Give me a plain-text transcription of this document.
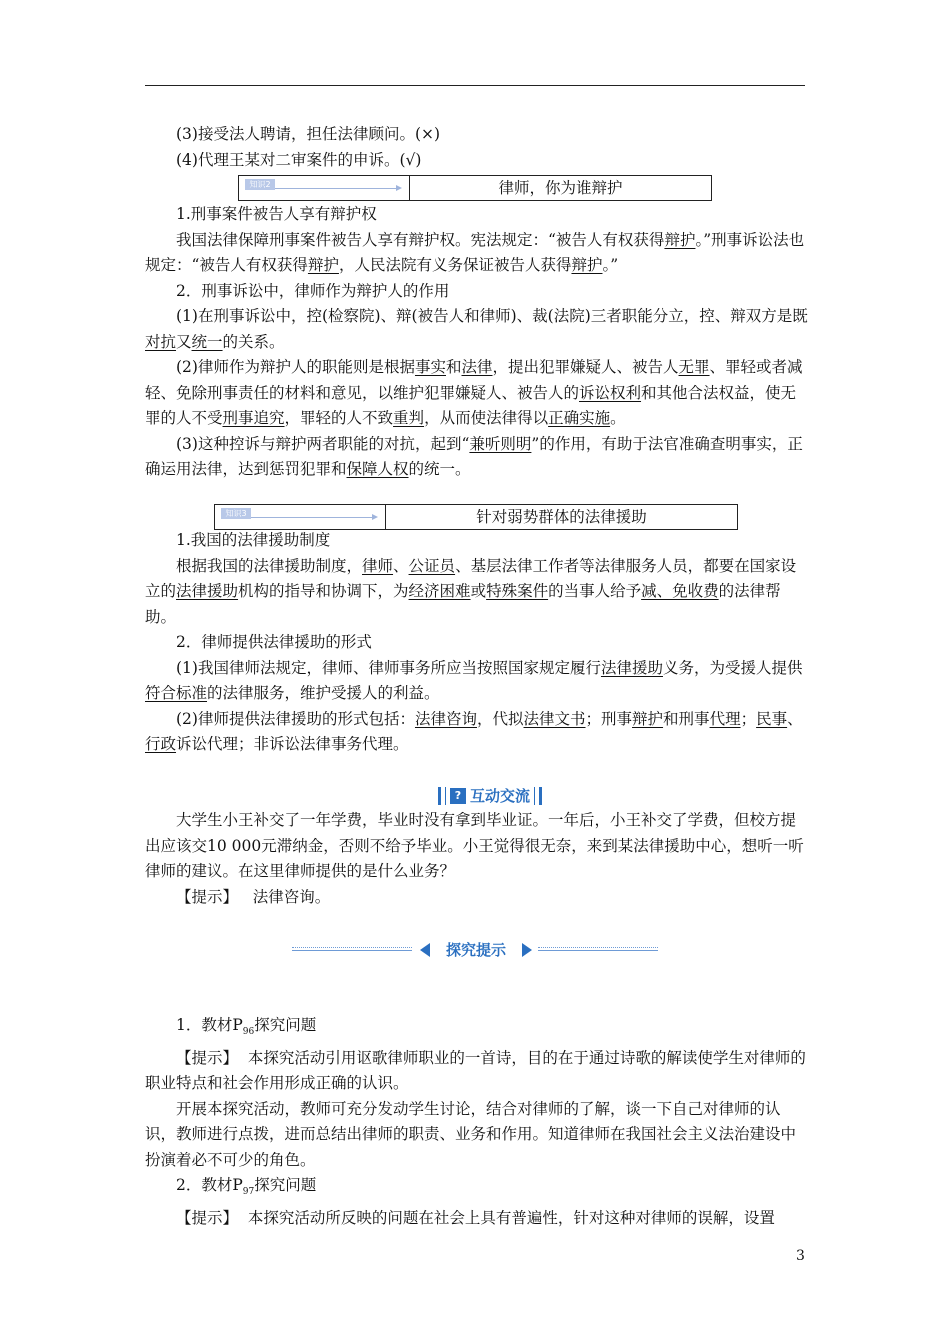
(3)接受法人聘请，担任法律顾问。(×)

(4)代理王某对二审案件的申诉。(√)

知识2	律师，你为谁辩护

1.刑事案件被告人享有辩护权

我国法律保障刑事案件被告人享有辩护权。宪法规定：“被告人有权获得辩护。”刑事诉讼法也规定：“被告人有权获得辩护，人民法院有义务保证被告人获得辩护。”

2．刑事诉讼中，律师作为辩护人的作用

(1)在刑事诉讼中，控(检察院)、辩(被告人和律师)、裁(法院)三者职能分立，控、辩双方是既对抗又统一的关系。

(2)律师作为辩护人的职能则是根据事实和法律，提出犯罪嫌疑人、被告人无罪、罪轻或者减轻、免除刑事责任的材料和意见，以维护犯罪嫌疑人、被告人的诉讼权利和其他合法权益，使无罪的人不受刑事追究，罪轻的人不致重判，从而使法律得以正确实施。

(3)这种控诉与辩护两者职能的对抗，起到“兼听则明”的作用，有助于法官准确查明事实，正确运用法律，达到惩罚犯罪和保障人权的统一。

知识3	针对弱势群体的法律援助

1.我国的法律援助制度

根据我国的法律援助制度，律师、公证员、基层法律工作者等法律服务人员，都要在国家设立的法律援助机构的指导和协调下，为经济困难或特殊案件的当事人给予减、免收费的法律帮助。

2．律师提供法律援助的形式

(1)我国律师法规定，律师、律师事务所应当按照国家规定履行法律援助义务，为受援人提供符合标准的法律服务，维护受援人的利益。

(2)律师提供法律援助的形式包括：法律咨询，代拟法律文书；刑事辩护和刑事代理；民事、行政诉讼代理；非诉讼法律事务代理。

? 互动交流

大学生小王补交了一年学费，毕业时没有拿到毕业证。一年后，小王补交了学费，但校方提出应该交10 000元滞纳金，否则不给予毕业。小王觉得很无奈，来到某法律援助中心，想听一听律师的建议。在这里律师提供的是什么业务？

【提示】 法律咨询。

探究提示

1．教材$P_{96}$探究问题

【提示】 本探究活动引用讴歌律师职业的一首诗，目的在于通过诗歌的解读使学生对律师的职业特点和社会作用形成正确的认识。

开展本探究活动，教师可充分发动学生讨论，结合对律师的了解，谈一下自己对律师的认识，教师进行点拨，进而总结出律师的职责、业务和作用。知道律师在我国社会主义法治建设中扮演着必不可少的角色。

2．教材$P_{97}$探究问题

【提示】 本探究活动所反映的问题在社会上具有普遍性，针对这种对律师的误解，设置

3
